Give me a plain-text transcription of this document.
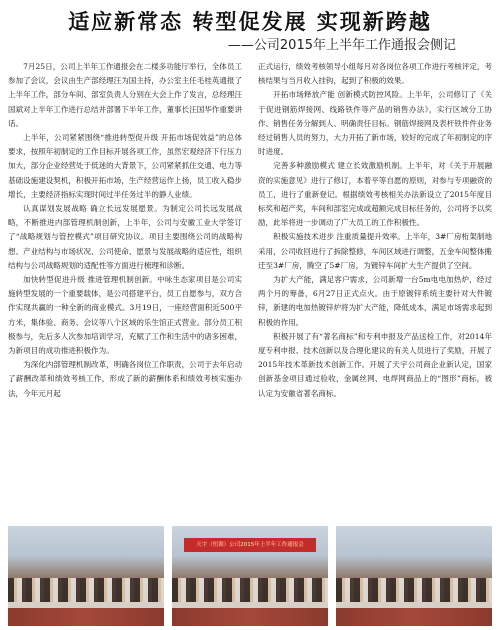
适应新常态 转型促发展 实现新跨越
——公司2015年上半年工作通报会侧记

7月25日，公司上半年工作通报会在二楼多功能厅举行，全体员工参加了会议，会议由生产部经理汪为国主持，办公室主任毛桂英通报了上半年工作，部分车间、部室负责人分别在大会上作了发言，总经理汪国斌对上半年工作进行总结并部署下半年工作，董事长汪国华作重要讲话。

上半年，公司紧紧围绕“推进转型促升级 开拓市场促效益”的总体要求，按照年初制定的工作目标开展各项工作，虽然宏观经济下行压力加大，部分企业经营处于低迷的大背景下，公司紧紧抓住交通、电力等基础设施建设契机，积极开拓市场，生产经营运作上扬，员工收入稳步增长，主要经济指标实现时间过半任务过半的静人业绩。

认真谋划发展战略 确立长远发展愿景。为制定公司长远发展战略，不断推进内部管理机制创新，上半年，公司与安徽工业大学签订了“战略规划与管控模式”项目研究协议。项目主要围绕公司的战略构想、产业结构与市场状况、公司使命、愿景与发展战略的适应性，组织结构与公司战略规划的适配性等方面进行梳理和诊断。

加快转型促进升级 推进管理机制创新。中咏生态家项目是公司实施转型发展的一个重要载体，是公司搭建平台，员工自愿参与，双方合作实现共赢的一种全新的商业模式。3月19日，一座经营面积近500平方米，集体验、商务、会议等八个区域的乐生馆正式营业。部分员工积极参与，先后多人次参加培训学习，充赋了工作和生活中的诸多困难，为新项目的成功推进积极作为。

为深化内部管理机制改革，明确各岗位工作职责，公司于去年启动了薪酬改革和绩效考核工作，形成了新的薪酬体系和绩效考核实施办法，今年元月起

正式运行，绩效考核领导小组每月对各岗位各项工作进行考核评定，考核结果与当月收入挂钩，起到了积极的效果。

开拓市场释放产能 创新模式防控风险。上半年，公司修订了《关于促进钢筋焊接网、线路铁件等产品的销售办法》，实行区域分工协作、销售任务分解到人、明确责任目标。钢筋焊接网及表杆铁件件业务经过销售人员的努力，大力开拓了新市场，较好的完成了年初制定的序时进度。

完善多种激励模式 建立长效激励机制。上半年，对《关于开展融资的实施意见》进行了修订，本着平等自愿的原则，对参与专项融资的员工，进行了重新登记。根据绩效考核相关办法新设立了2015年度目标奖和超产奖，车间和部室完成或超额完成目标任务的，公司将予以奖励，此举将进一步调动了广大员工的工作积极性。

积极实施技术进步 注重质量提升效率。上半年，3#厂房桁架制地采用，公司收回进行了拆除整修，车间区域进行调整，五金车间整体搬迁至3#厂房，腾空了5#厂房，为镀锌车间扩大生产提供了空间。

为扩大产能，满足客户需求，公司新增一台5m电电加热炉，经过两个月的筹备，6月27日正式点火。由于原镀锌系统主要针对大件镀锌，新建的电加热镀锌炉将为扩大产能，降低成本，满足市场需求起到积极的作用。

积极开展了有“著名商标”和专利申报及产品送检工作，对2014年度专利申报、技术创新以及合理化建议的有关人员进行了奖励，开展了2015年技术革新技术创新工作。开展了天宇公司商企业新认定，国家创新基金项目通过验收，金属丝网、电焊网商品上的“图形”商标，被认定为安徽省著名商标。

天宇（恒源）公司2015年上半年工作通报会
